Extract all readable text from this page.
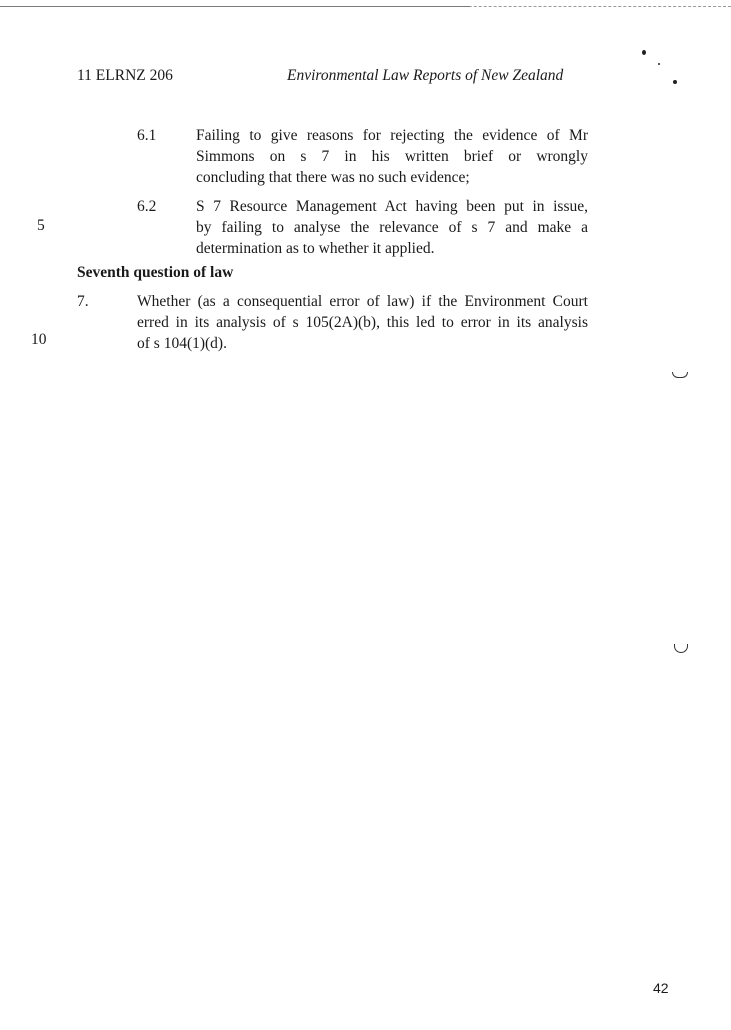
11 ELRNZ 206	Environmental Law Reports of New Zealand
6.1	Failing to give reasons for rejecting the evidence of Mr
Simmons on s 7 in his written brief or wrongly
concluding that there was no such evidence;
6.2	S 7 Resource Management Act having been put in issue,
by failing to analyse the relevance of s 7 and make a
determination as to whether it applied.
5
Seventh question of law
7.	Whether (as a consequential error of law) if the Environment Court
erred in its analysis of s 105(2A)(b), this led to error in its analysis
of s 104(1)(d).
10
42
